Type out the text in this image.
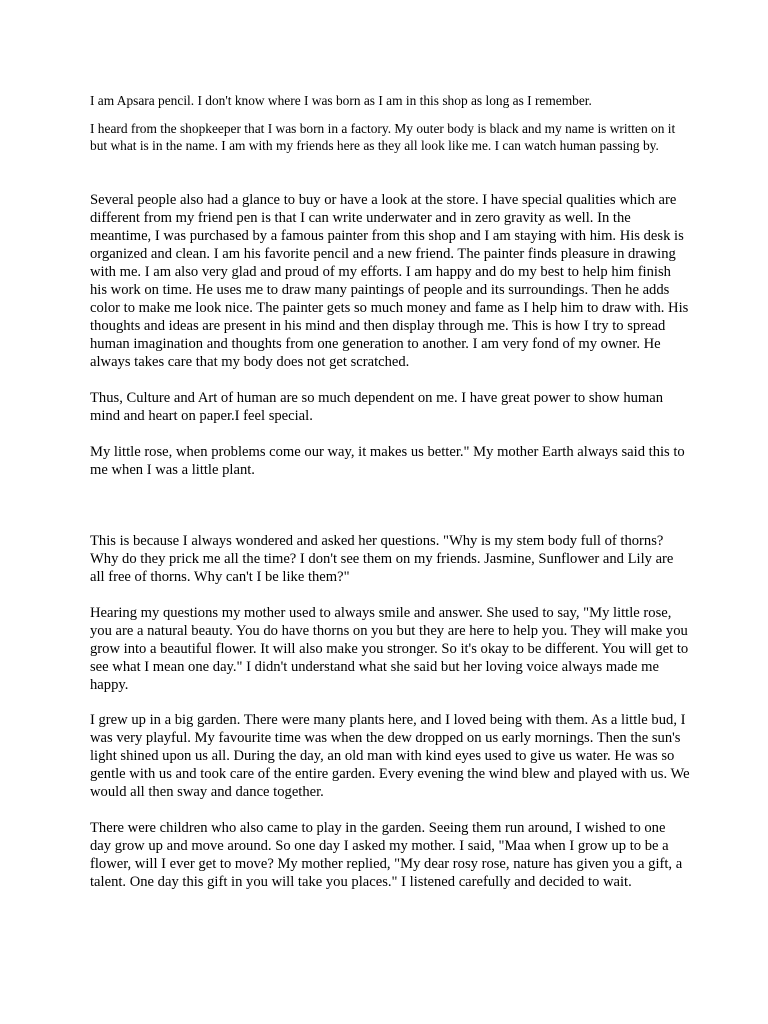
I am Apsara pencil. I don't know where I was born as I am in this shop as long as I remember.

I heard from the shopkeeper that I was born in a factory. My outer body is black and my name is written on it but what is in the name. I am with my friends here as they all look like me. I can watch human passing by.

Several people also had a glance to buy or have a look at the store. I have special qualities which are different from my friend pen is that I can write underwater and in zero gravity as well. In the meantime, I was purchased by a famous painter from this shop and I am staying with him. His desk is organized and clean. I am his favorite pencil and a new friend. The painter finds pleasure in drawing with me. I am also very glad and proud of my efforts. I am happy and do my best to help him finish his work on time. He uses me to draw many paintings of people and its surroundings. Then he adds color to make me look nice. The painter gets so much money and fame as I help him to draw with. His thoughts and ideas are present in his mind and then display through me. This is how I try to spread human imagination and thoughts from one generation to another. I am very fond of my owner. He always takes care that my body does not get scratched.

Thus, Culture and Art of human are so much dependent on me. I have great power to show human mind and heart on paper.I feel special.

My little rose, when problems come our way, it makes us better." My mother Earth always said this to me when I was a little plant.

This is because I always wondered and asked her questions. "Why is my stem body full of thorns? Why do they prick me all the time? I don't see them on my friends. Jasmine, Sunflower and Lily are all free of thorns. Why can't I be like them?"

Hearing my questions my mother used to always smile and answer. She used to say, "My little rose, you are a natural beauty. You do have thorns on you but they are here to help you. They will make you grow into a beautiful flower. It will also make you stronger. So it's okay to be different. You will get to see what I mean one day." I didn't understand what she said but her loving voice always made me happy.

I grew up in a big garden. There were many plants here, and I loved being with them. As a little bud, I was very playful. My favourite time was when the dew dropped on us early mornings. Then the sun's light shined upon us all. During the day, an old man with kind eyes used to give us water. He was so gentle with us and took care of the entire garden. Every evening the wind blew and played with us. We would all then sway and dance together.

There were children who also came to play in the garden. Seeing them run around, I wished to one day grow up and move around. So one day I asked my mother. I said, "Maa when I grow up to be a flower, will I ever get to move? My mother replied, "My dear rosy rose, nature has given you a gift, a talent. One day this gift in you will take you places." I listened carefully and decided to wait.
